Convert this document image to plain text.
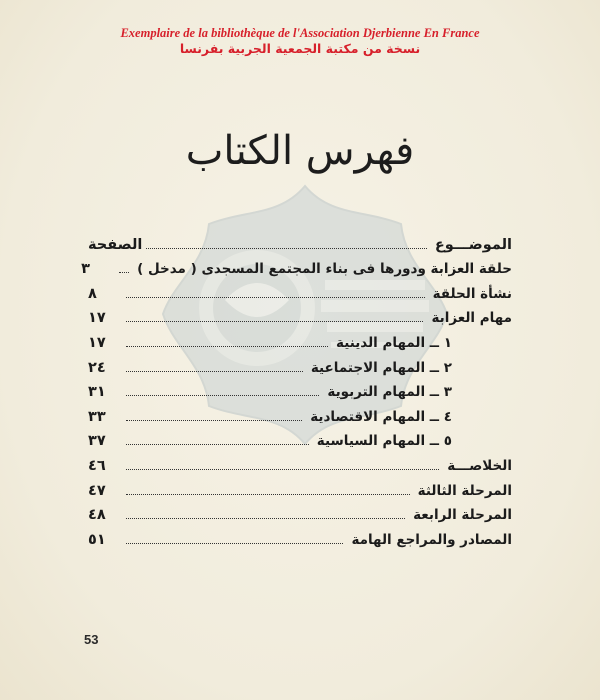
Exemplaire de la bibliothèque de l'Association Djerbienne En France
نسخة من مكتبة الجمعية الجربية بفرنسا
فهرس الكتاب
الموضـــوع
الصفحة
حلقة العزابة ودورها فى بناء المجتمع المسجدى ( مدخل )
٣
نشأة الحلقة
٨
مهام العزابة
١٧
١ ــ المهام الدينية
١٧
٢ ــ المهام الاجتماعية
٢٤
٣ ــ المهام التربوية
٣١
٤ ــ المهام الاقتصادية
٣٣
٥ ــ المهام السياسية
٣٧
الخلاصـــة
٤٦
المرحلة الثالثة
٤٧
المرحلة الرابعة
٤٨
المصادر والمراجع الهامة
٥١
53
